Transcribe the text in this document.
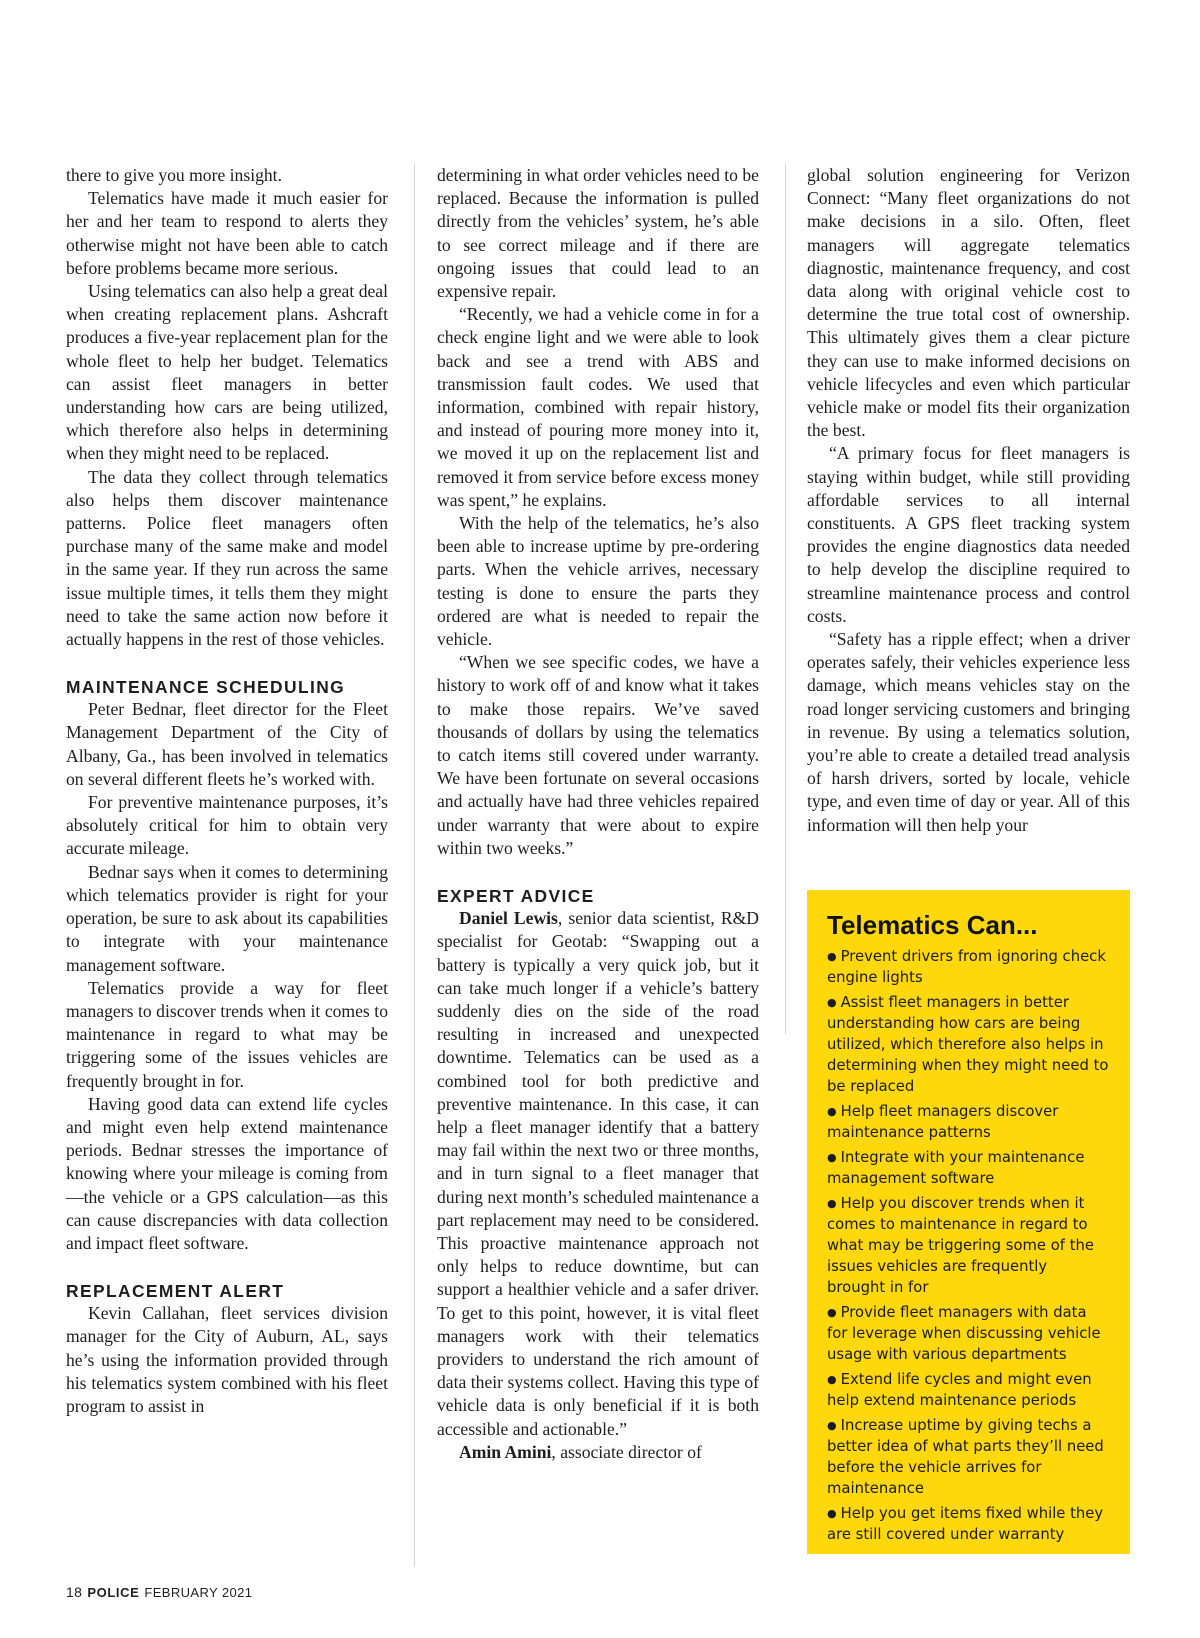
there to give you more insight.

Telematics have made it much easier for her and her team to respond to alerts they otherwise might not have been able to catch before problems became more serious.

Using telematics can also help a great deal when creating replacement plans. Ashcraft produces a five-year replacement plan for the whole fleet to help her budget. Telematics can assist fleet managers in better understanding how cars are being utilized, which therefore also helps in determining when they might need to be replaced.

The data they collect through telematics also helps them discover maintenance patterns. Police fleet managers often purchase many of the same make and model in the same year. If they run across the same issue multiple times, it tells them they might need to take the same action now before it actually happens in the rest of those vehicles.

MAINTENANCE SCHEDULING

Peter Bednar, fleet director for the Fleet Management Department of the City of Albany, Ga., has been involved in telematics on several different fleets he’s worked with.

For preventive maintenance purposes, it’s absolutely critical for him to obtain very accurate mileage.

Bednar says when it comes to determining which telematics provider is right for your operation, be sure to ask about its capabilities to integrate with your maintenance management software.

Telematics provide a way for fleet managers to discover trends when it comes to maintenance in regard to what may be triggering some of the issues vehicles are frequently brought in for.

Having good data can extend life cycles and might even help extend maintenance periods. Bednar stresses the importance of knowing where your mileage is coming from—the vehicle or a GPS calculation—as this can cause discrepancies with data collection and impact fleet software.

REPLACEMENT ALERT

Kevin Callahan, fleet services division manager for the City of Auburn, AL, says he’s using the information provided through his telematics system combined with his fleet program to assist in

determining in what order vehicles need to be replaced. Because the information is pulled directly from the vehicles’ system, he’s able to see correct mileage and if there are ongoing issues that could lead to an expensive repair.

“Recently, we had a vehicle come in for a check engine light and we were able to look back and see a trend with ABS and transmission fault codes. We used that information, combined with repair history, and instead of pouring more money into it, we moved it up on the replacement list and removed it from service before excess money was spent,” he explains.

With the help of the telematics, he’s also been able to increase uptime by pre-ordering parts. When the vehicle arrives, necessary testing is done to ensure the parts they ordered are what is needed to repair the vehicle.

“When we see specific codes, we have a history to work off of and know what it takes to make those repairs. We’ve saved thousands of dollars by using the telematics to catch items still covered under warranty. We have been fortunate on several occasions and actually have had three vehicles repaired under warranty that were about to expire within two weeks.”

EXPERT ADVICE

Daniel Lewis, senior data scientist, R&D specialist for Geotab: “Swapping out a battery is typically a very quick job, but it can take much longer if a vehicle’s battery suddenly dies on the side of the road resulting in increased and unexpected downtime. Telematics can be used as a combined tool for both predictive and preventive maintenance. In this case, it can help a fleet manager identify that a battery may fail within the next two or three months, and in turn signal to a fleet manager that during next month’s scheduled maintenance a part replacement may need to be considered. This proactive maintenance approach not only helps to reduce downtime, but can support a healthier vehicle and a safer driver. To get to this point, however, it is vital fleet managers work with their telematics providers to understand the rich amount of data their systems collect. Having this type of vehicle data is only beneficial if it is both accessible and actionable.”

Amin Amini, associate director of

global solution engineering for Verizon Connect: “Many fleet organizations do not make decisions in a silo. Often, fleet managers will aggregate telematics diagnostic, maintenance frequency, and cost data along with original vehicle cost to determine the true total cost of ownership. This ultimately gives them a clear picture they can use to make informed decisions on vehicle lifecycles and even which particular vehicle make or model fits their organization the best.

“A primary focus for fleet managers is staying within budget, while still providing affordable services to all internal constituents. A GPS fleet tracking system provides the engine diagnostics data needed to help develop the discipline required to streamline maintenance process and control costs.

“Safety has a ripple effect; when a driver operates safely, their vehicles experience less damage, which means vehicles stay on the road longer servicing customers and bringing in revenue. By using a telematics solution, you’re able to create a detailed tread analysis of harsh drivers, sorted by locale, vehicle type, and even time of day or year. All of this information will then help your

Telematics Can...
● Prevent drivers from ignoring check engine lights
● Assist fleet managers in better understanding how cars are being utilized, which therefore also helps in determining when they might need to be replaced
● Help fleet managers discover maintenance patterns
● Integrate with your maintenance management software
● Help you discover trends when it comes to maintenance in regard to what may be triggering some of the issues vehicles are frequently brought in for
● Provide fleet managers with data for leverage when discussing vehicle usage with various departments
● Extend life cycles and might even help extend maintenance periods
● Increase uptime by giving techs a better idea of what parts they’ll need before the vehicle arrives for maintenance
● Help you get items fixed while they are still covered under warranty
18 POLICE FEBRUARY 2021
